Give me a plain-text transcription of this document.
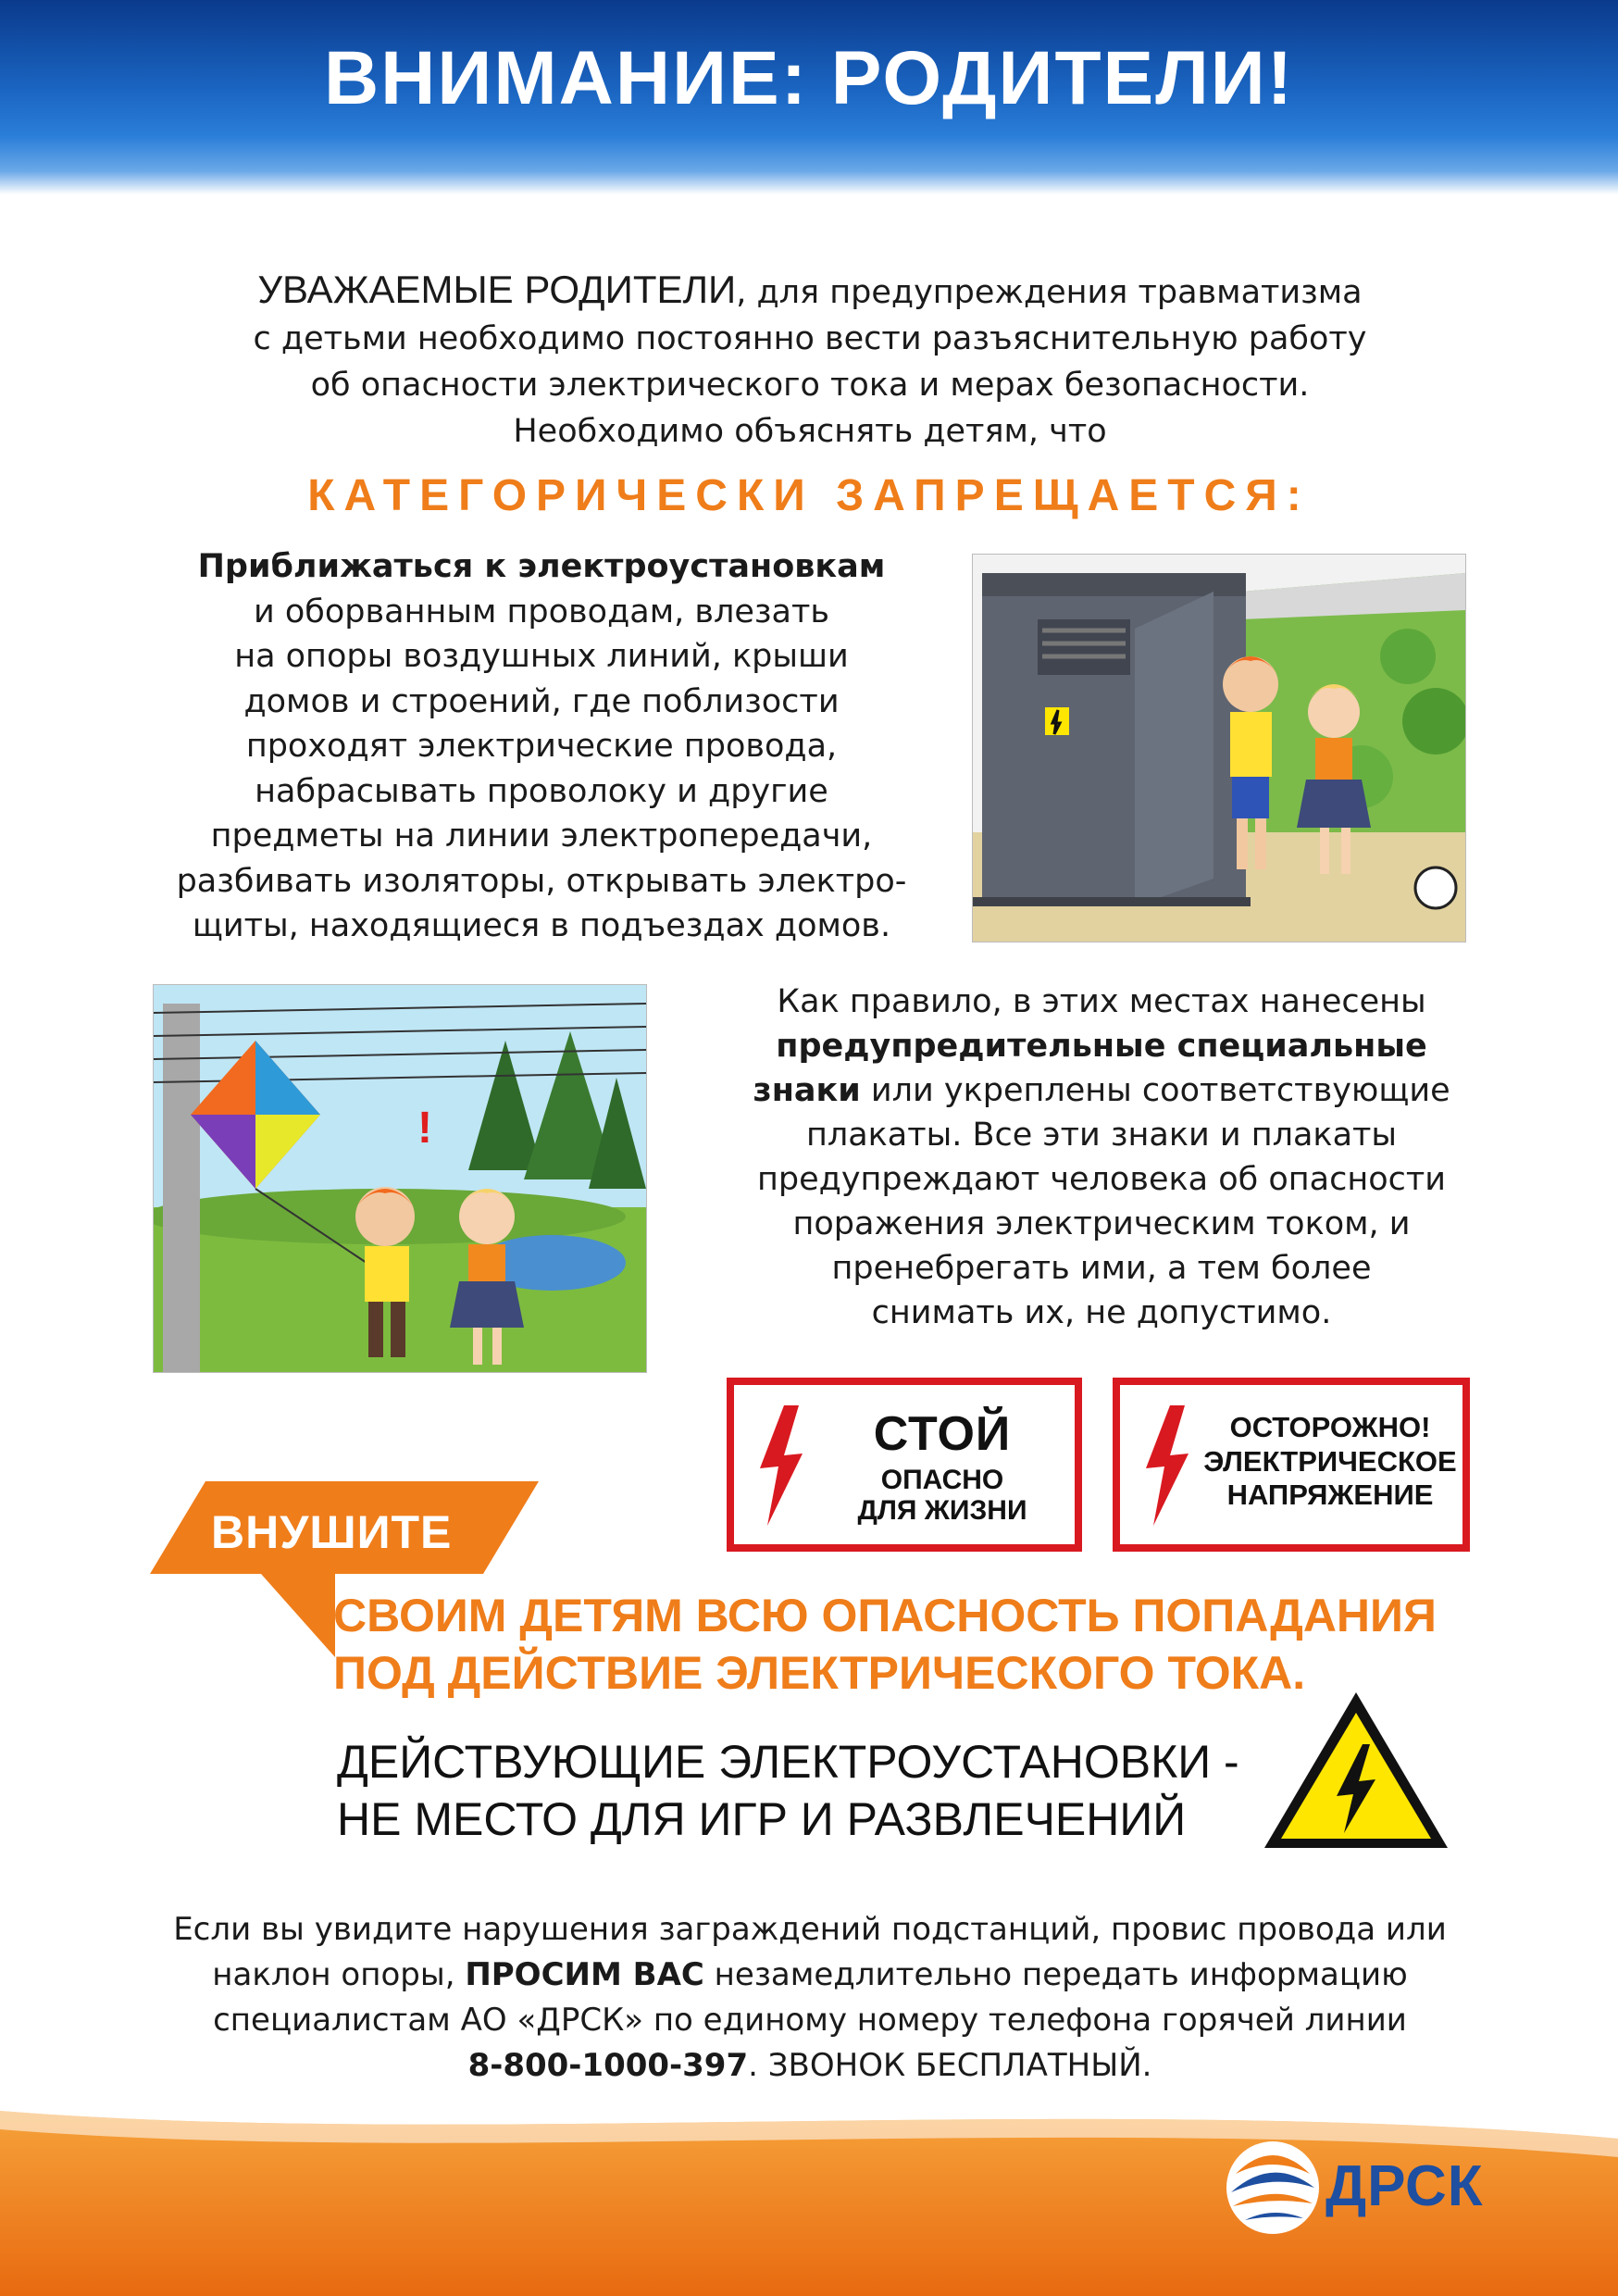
ВНИМАНИЕ: РОДИТЕЛИ!
УВАЖАЕМЫЕ РОДИТЕЛИ, для предупреждения травматизма
с детьми необходимо постоянно вести разъяснительную работу
об опасности электрического тока и мерах безопасности.
Необходимо объяснять детям, что
КАТЕГОРИЧЕСКИ ЗАПРЕЩАЕТСЯ:
Приближаться к электроустановкам
и оборванным проводам, влезать
на опоры воздушных линий, крыши
домов и строений, где поблизости
проходят электрические провода,
набрасывать проволоку и другие
предметы на линии электропередачи,
разбивать изоляторы, открывать электро-
щиты, находящиеся в подъездах домов.
!
Как правило, в этих местах нанесены
предупредительные специальные
знаки или укреплены соответствующие
плакаты. Все эти знаки и плакаты
предупреждают человека об опасности
поражения электрическим током, и
пренебрегать ими, а тем более
снимать их, не допустимо.
СТОЙ
ОПАСНО
ДЛЯ ЖИЗНИ
ОСТОРОЖНО!
ЭЛЕКТРИЧЕСКОЕ
НАПРЯЖЕНИЕ
ВНУШИТЕ
СВОИМ ДЕТЯМ ВСЮ ОПАСНОСТЬ ПОПАДАНИЯ
ПОД ДЕЙСТВИЕ ЭЛЕКТРИЧЕСКОГО ТОКА.
ДЕЙСТВУЮЩИЕ ЭЛЕКТРОУСТАНОВКИ -
НЕ МЕСТО ДЛЯ ИГР И РАЗВЛЕЧЕНИЙ
Если вы увидите нарушения заграждений подстанций, провис провода или
наклон опоры, ПРОСИМ ВАС незамедлительно передать информацию
специалистам АО «ДРСК» по единому номеру телефона горячей линии
8-800-1000-397. ЗВОНОК БЕСПЛАТНЫЙ.
ДРСК
